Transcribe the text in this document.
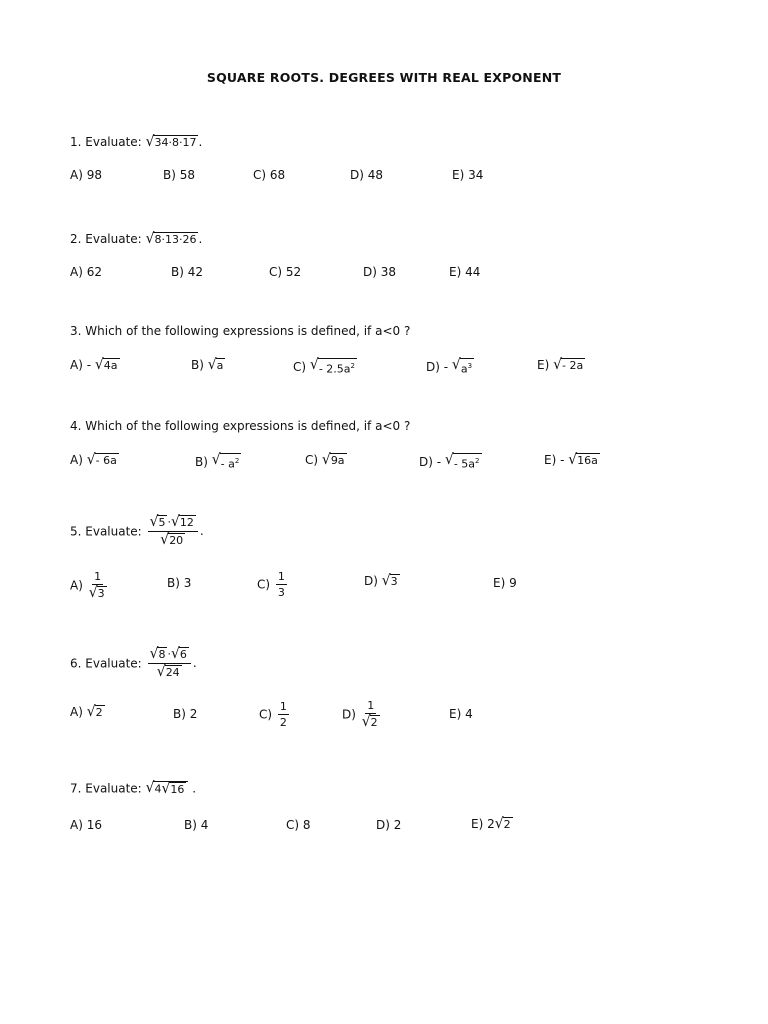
SQUARE ROOTS. DEGREES WITH REAL EXPONENT
1. Evaluate: √ 34·8·17 .
A) 98	B) 58	C) 68	D) 48	E) 34
2. Evaluate: √ 8·13·26 .
A) 62	B) 42	C) 52	D) 38	E) 44
3. Which of the following expressions is defined, if a<0 ?
A) - √ 4a	B) √ a	C) √ - $2.5a^2$	D) - √ $a^3$	E) √ - 2a
4. Which of the following expressions is defined, if a<0 ?
A) √ - 6a	B) √ - $a^2$	C) √ 9a	D) - √ - $5a^2$	E) - √ 16a
5. Evaluate: $\frac{√ 5 \cdot √ 12}{√ 20}$ .
$A) \frac{1}{√ 3}$	B) 3	$C) \frac{1}{3}$	D) √ 3	E) 9
6. Evaluate: $\frac{√ 8 \cdot √ 6}{√ 24}$ .
A) √ 2	B) 2	$C) \frac{1}{2}$	$D) \frac{1}{√ 2}$	E) 4
7. Evaluate: √ 4 √ 16 .
A) 16	B) 4	C) 8	D) 2	E) 2 √ 2
